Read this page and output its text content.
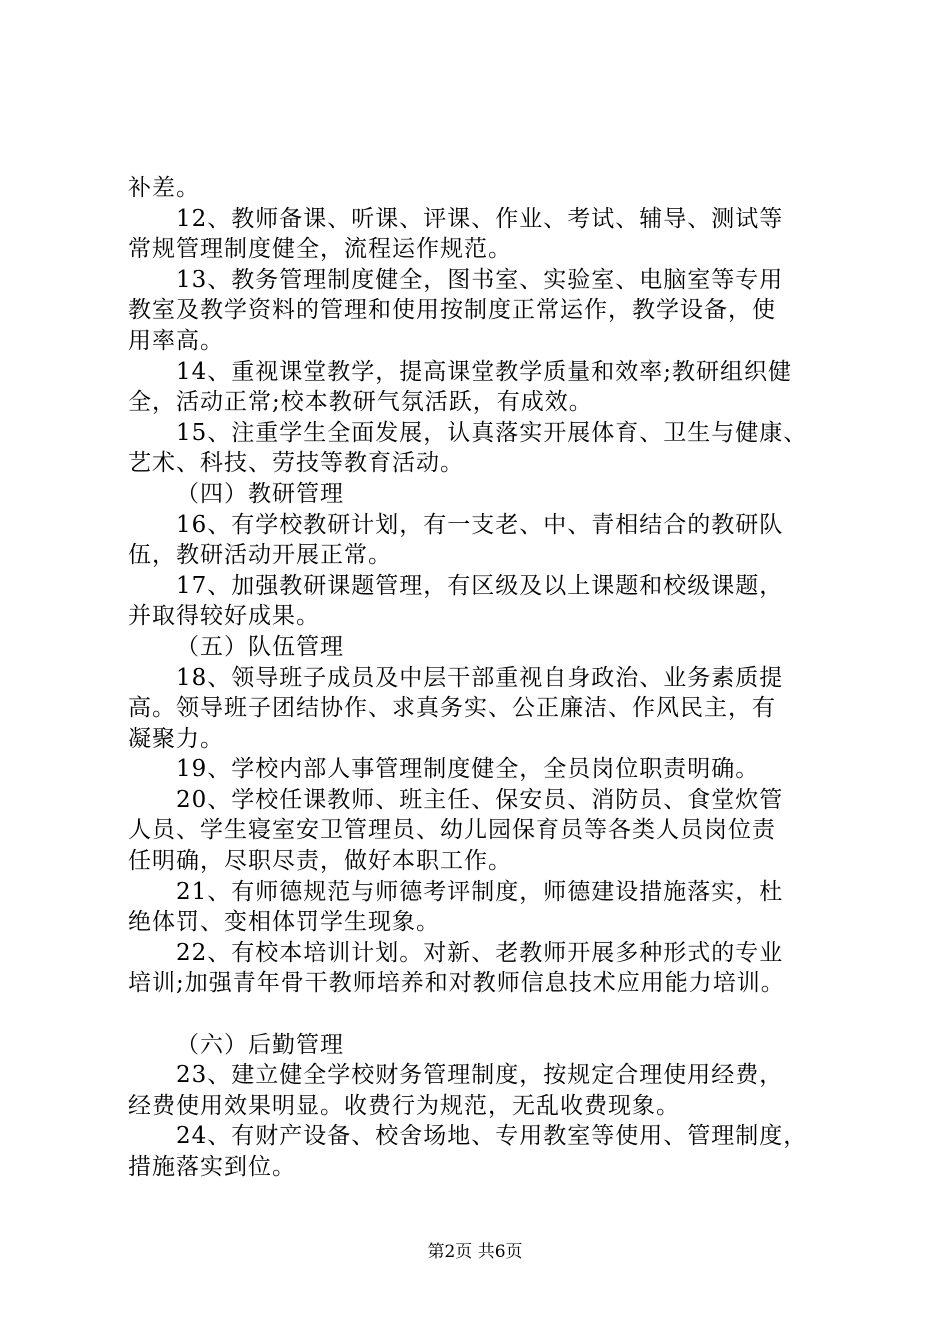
补差。
12、教师备课、听课、评课、作业、考试、辅导、测试等
常规管理制度健全，流程运作规范。
13、教务管理制度健全，图书室、实验室、电脑室等专用
教室及教学资料的管理和使用按制度正常运作，教学设备，使
用率高。
14、重视课堂教学，提高课堂教学质量和效率;教研组织健
全，活动正常;校本教研气氛活跃，有成效。
15、注重学生全面发展，认真落实开展体育、卫生与健康、
艺术、科技、劳技等教育活动。
（四）教研管理
16、有学校教研计划，有一支老、中、青相结合的教研队
伍，教研活动开展正常。
17、加强教研课题管理，有区级及以上课题和校级课题，
并取得较好成果。
（五）队伍管理
18、领导班子成员及中层干部重视自身政治、业务素质提
高。领导班子团结协作、求真务实、公正廉洁、作风民主，有
凝聚力。
19、学校内部人事管理制度健全，全员岗位职责明确。
20、学校任课教师、班主任、保安员、消防员、食堂炊管
人员、学生寝室安卫管理员、幼儿园保育员等各类人员岗位责
任明确，尽职尽责，做好本职工作。
21、有师德规范与师德考评制度，师德建设措施落实，杜
绝体罚、变相体罚学生现象。
22、有校本培训计划。对新、老教师开展多种形式的专业
培训;加强青年骨干教师培养和对教师信息技术应用能力培训。
（六）后勤管理
23、建立健全学校财务管理制度，按规定合理使用经费，
经费使用效果明显。收费行为规范，无乱收费现象。
24、有财产设备、校舍场地、专用教室等使用、管理制度，
措施落实到位。
第2页 共6页
